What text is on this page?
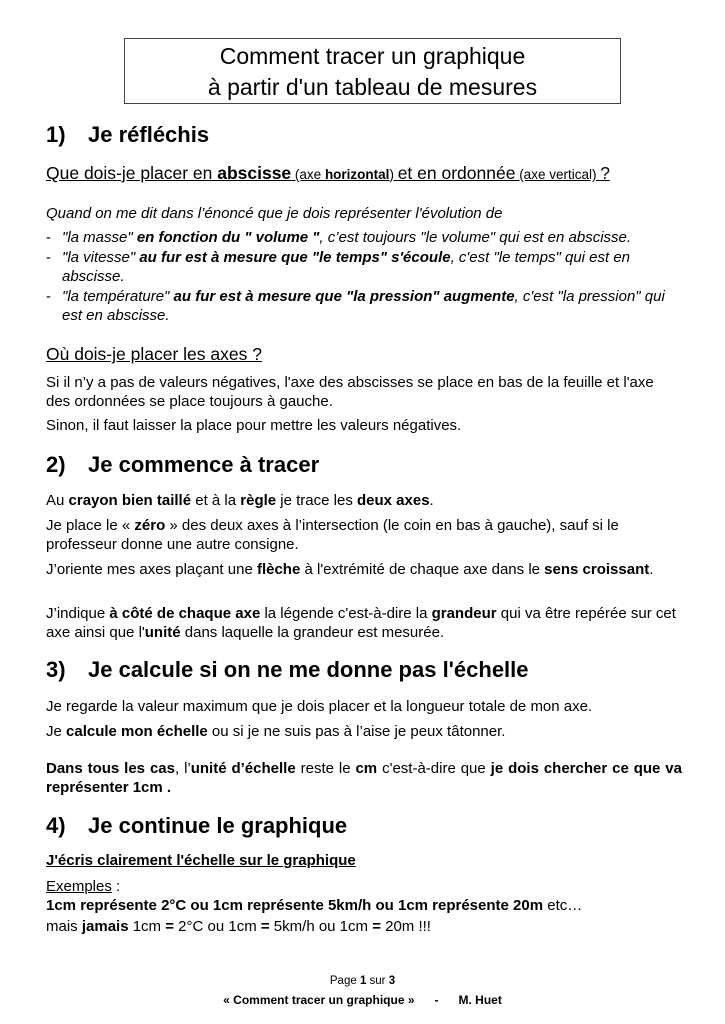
Comment tracer un graphique
à partir d'un tableau de mesures
1) Je réfléchis
Que dois-je placer en abscisse (axe horizontal) et en ordonnée (axe vertical) ?
Quand on me dit dans l’énoncé que je dois représenter l'évolution de
- "la masse" en fonction du " volume ", c’est toujours "le volume" qui est en abscisse.
- "la vitesse" au fur est à mesure que "le temps" s'écoule, c'est "le temps" qui est en abscisse.
- "la température" au fur est à mesure que "la pression" augmente, c'est "la pression" qui est en abscisse.
Où dois-je placer les axes ?
Si il n’y a pas de valeurs négatives, l'axe des abscisses se place en bas de la feuille et l'axe des ordonnées se place toujours à gauche.
Sinon, il faut laisser la place pour mettre les valeurs négatives.
2) Je commence à tracer
Au crayon bien taillé et à la règle je trace les deux axes.
Je place le « zéro » des deux axes à l’intersection (le coin en bas à gauche), sauf si le professeur donne une autre consigne.
J’oriente mes axes plaçant une flèche à l'extrémité de chaque axe dans le sens croissant.
J’indique à côté de chaque axe la légende c'est-à-dire la grandeur qui va être repérée sur cet axe ainsi que l'unité dans laquelle la grandeur est mesurée.
3) Je calcule si on ne me donne pas l'échelle
Je regarde la valeur maximum que je dois placer et la longueur totale de mon axe.
Je calcule mon échelle ou si je ne suis pas à l’aise je peux tâtonner.
Dans tous les cas, l’unité d’échelle reste le cm c'est-à-dire que je dois chercher ce que va représenter 1cm .
4) Je continue le graphique
J'écris clairement l'échelle sur le graphique
Exemples :
1cm représente 2°C ou 1cm représente 5km/h ou 1cm représente 20m etc…
mais jamais 1cm = 2°C ou 1cm = 5km/h ou 1cm = 20m !!!
Page 1 sur 3
« Comment tracer un graphique » - M. Huet
